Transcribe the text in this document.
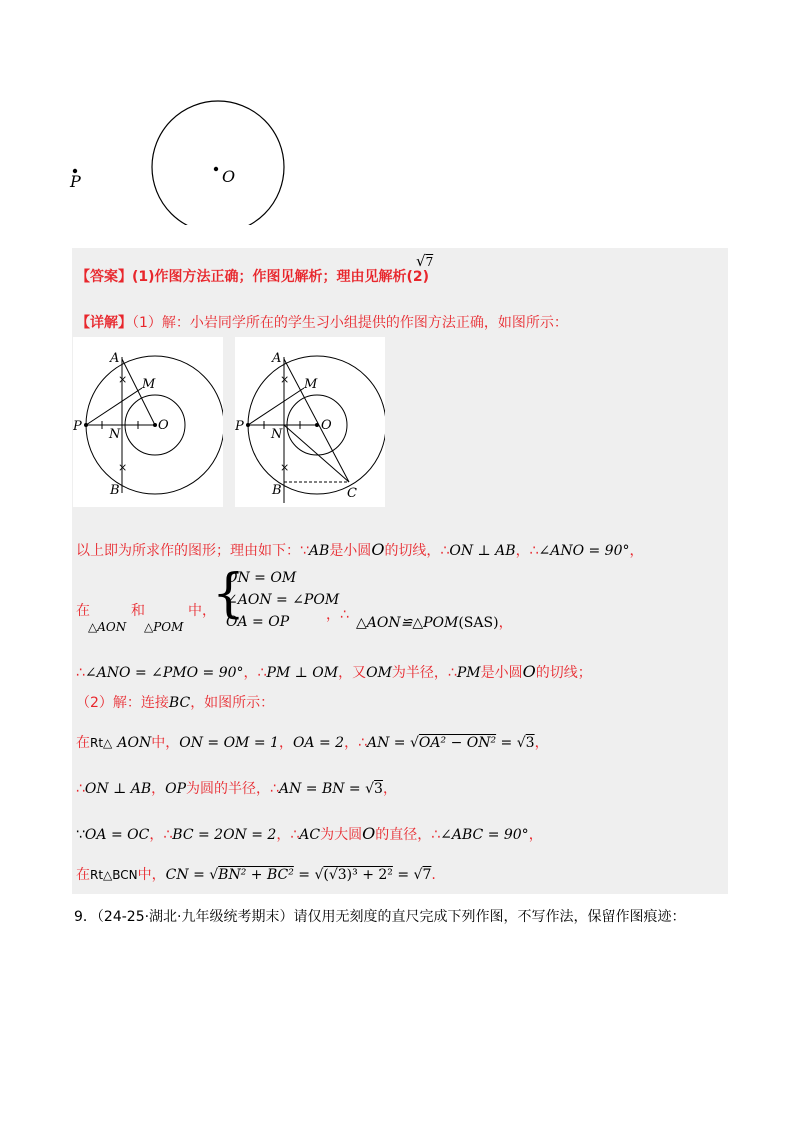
O
P
【答案】(1)作图方法正确；作图见解析；理由见解析(2)
√7
【详解】（1）解：小岩同学所在的学生习小组提供的作图方法正确，如图所示：
×
×
A
M
P
N
O
B
×
×
A
M
P
N
O
B	C
以上即为所求作的图形；理由如下：∵AB是小圆O的切线，∴ON ⊥ AB，∴∠ANO = 90°，
在
△AON
和
△POM
中，
{
ON = OM
∠AON = ∠POM
OA = OP	，∴ △AON≌△POM(SAS)，
∴∠ANO = ∠PMO = 90°，∴PM ⊥ OM，又OM为半径，∴PM是小圆O的切线；
（2）解：连接BC，如图所示：
在Rt△ AON中，ON = OM = 1，OA = 2，∴AN = √OA² − ON² = √3，
∴ON ⊥ AB，OP为圆的半径，∴AN = BN = √3，
∵OA = OC，∴BC = 2ON = 2，∴AC为大圆O的直径，∴∠ABC = 90°，
在Rt△BCN中，CN = √BN² + BC² = √(√3)³ + 2² = √7.
9．（24-25·湖北·九年级统考期末）请仅用无刻度的直尺完成下列作图，不写作法，保留作图痕迹：
